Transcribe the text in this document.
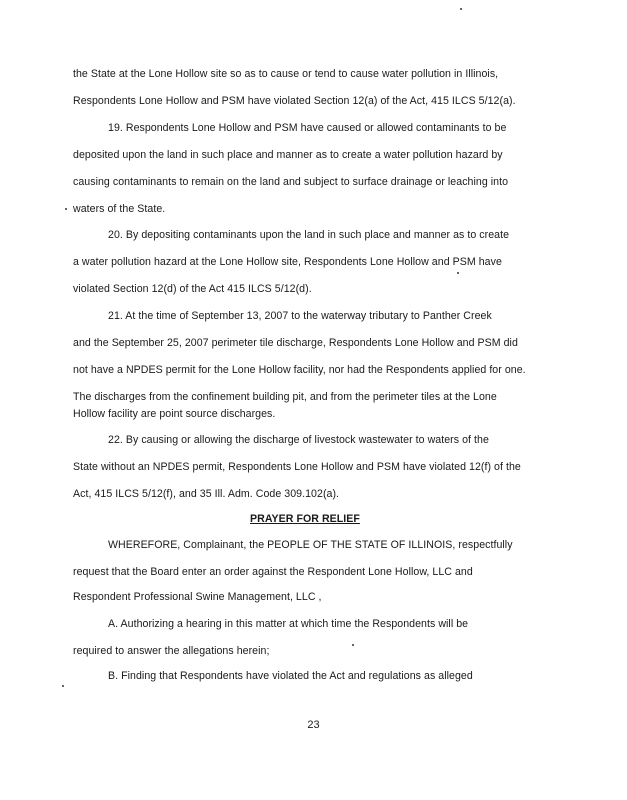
the State at the Lone Hollow site so as to cause or tend to cause water pollution in Illinois,
Respondents Lone Hollow and PSM have violated Section 12(a) of the Act, 415 ILCS 5/12(a).
19. Respondents Lone Hollow and PSM have caused or allowed contaminants to be
deposited upon the land in such place and manner as to create a water pollution hazard by
causing contaminants to remain on the land and subject to surface drainage or leaching into
waters of the State.
20. By depositing contaminants upon the land in such place and manner as to create
a water pollution hazard at the Lone Hollow site, Respondents Lone Hollow and PSM have
violated Section 12(d) of the Act 415 ILCS 5/12(d).
21. At the time of September 13, 2007 to the waterway tributary to Panther Creek
and the September 25, 2007 perimeter tile discharge, Respondents Lone Hollow and PSM did
not have a NPDES permit for the Lone Hollow facility, nor had the Respondents applied for one.
The discharges from the confinement building pit, and from the perimeter tiles at the Lone
Hollow facility are point source discharges.
22. By causing or allowing the discharge of livestock wastewater to waters of the
State without an NPDES permit, Respondents Lone Hollow and PSM have violated 12(f) of the
Act, 415 ILCS 5/12(f), and 35 Ill. Adm. Code 309.102(a).
PRAYER FOR RELIEF
WHEREFORE, Complainant, the PEOPLE OF THE STATE OF ILLINOIS, respectfully
request that the Board enter an order against the Respondent Lone Hollow, LLC and
Respondent Professional Swine Management, LLC ,
A. Authorizing a hearing in this matter at which time the Respondents will be
required to answer the allegations herein;
B. Finding that Respondents have violated the Act and regulations as alleged
23
